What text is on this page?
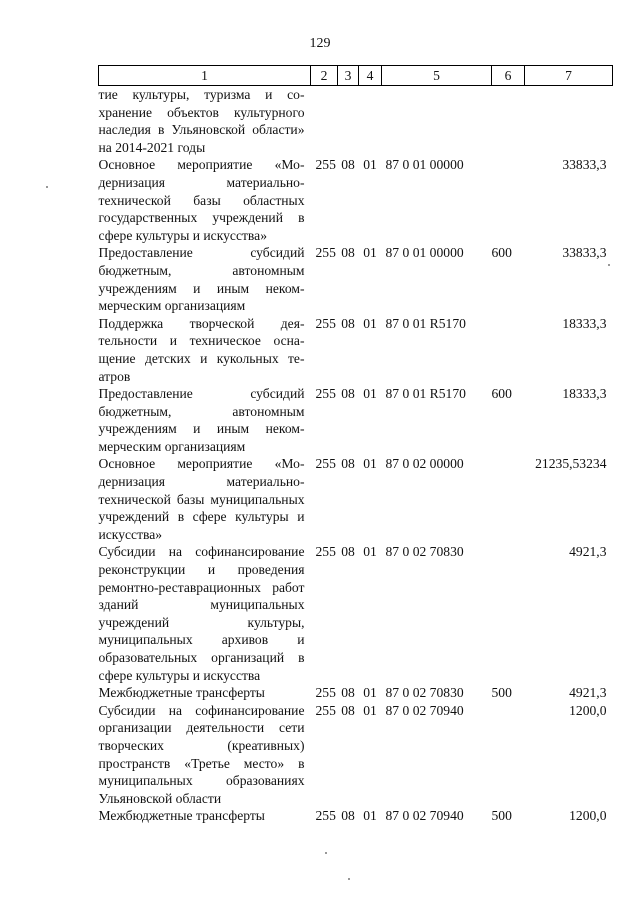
129
1	2	3	4	5	6	7
тие культуры, туризма и сохранение объектов культурного наследия в Ульяновской области» на 2014-2021 годы						
Основное мероприятие «Модернизация материально-технической базы областных государственных учреждений в сфере культуры и искусства»	255	08	01	87 0 01 00000		33833,3
Предоставление субсидий бюджетным, автономным учреждениям и иным некоммерческим организациям	255	08	01	87 0 01 00000	600	33833,3
Поддержка творческой деятельности и техническое оснащение детских и кукольных театров	255	08	01	87 0 01 R5170		18333,3
Предоставление субсидий бюджетным, автономным учреждениям и иным некоммерческим организациям	255	08	01	87 0 01 R5170	600	18333,3
Основное мероприятие «Модернизация материально-технической базы муниципальных учреждений в сфере культуры и искусства»	255	08	01	87 0 02 00000		21235,53234
Субсидии на софинансирование реконструкции и проведения ремонтно-реставрационных работ зданий муниципальных учреждений культуры, муниципальных архивов и образовательных организаций в сфере культуры и искусства	255	08	01	87 0 02 70830		4921,3
Межбюджетные трансферты	255	08	01	87 0 02 70830	500	4921,3
Субсидии на софинансирование организации деятельности сети творческих (креативных) пространств «Третье место» в муниципальных образованиях Ульяновской области	255	08	01	87 0 02 70940		1200,0
Межбюджетные трансферты	255	08	01	87 0 02 70940	500	1200,0
